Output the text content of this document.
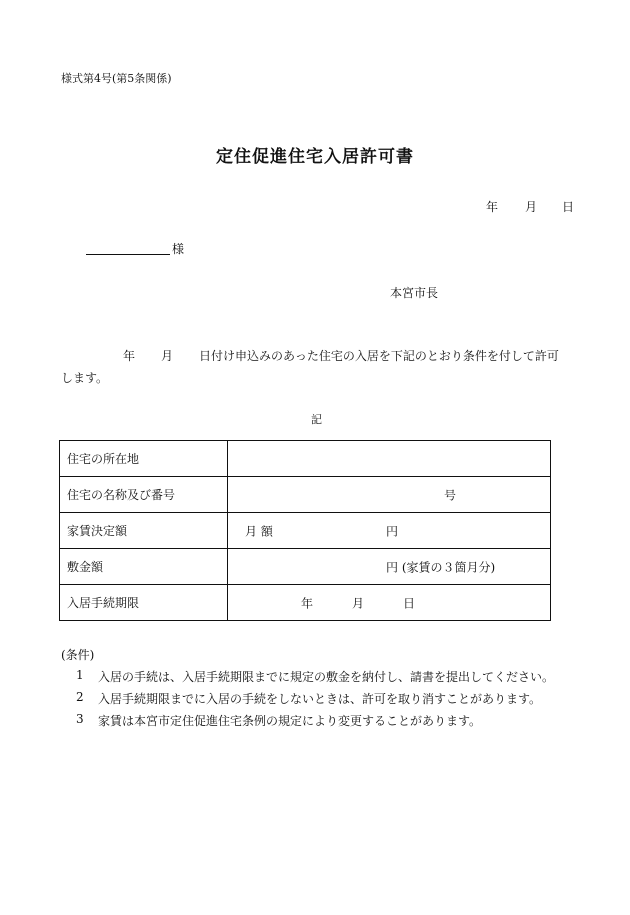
様式第4号(第5条関係)
定住促進住宅入居許可書
年 月 日
様
本宮市長
年 月 日付け申込みのあった住宅の入居を下記のとおり条件を付して許可
します。
記
住宅の所在地	
住宅の名称及び番号	号

家賃決定額	月 額 円

敷金額	円 (家賃の３箇月分)

入居手続期限	年 月 日
(条件)
1 入居の手続は、入居手続期限までに規定の敷金を納付し、請書を提出してください。
2 入居手続期限までに入居の手続をしないときは、許可を取り消すことがあります。
3 家賃は本宮市定住促進住宅条例の規定により変更することがあります。
